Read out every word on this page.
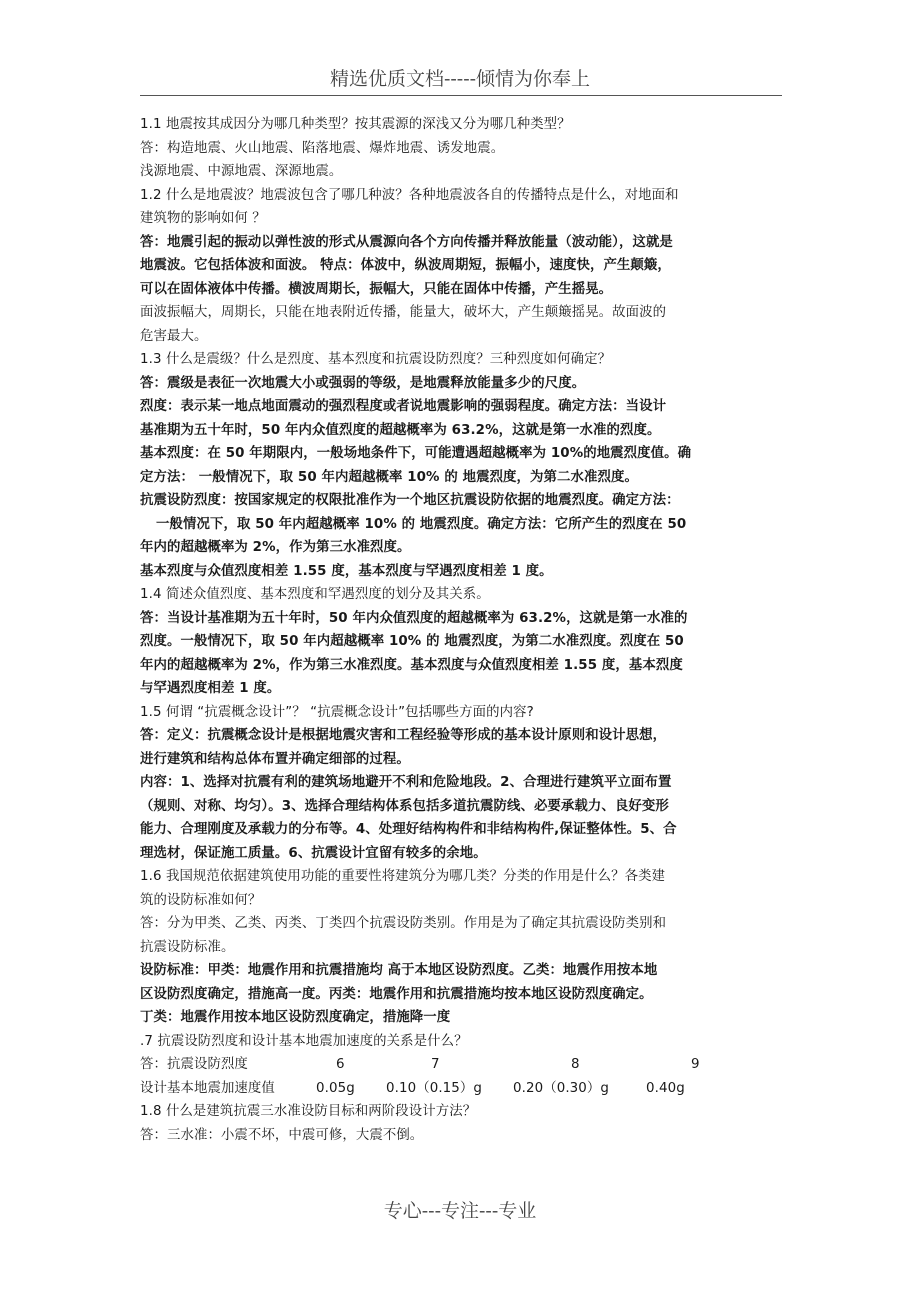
精选优质文档-----倾情为你奉上
1.1 地震按其成因分为哪几种类型？按其震源的深浅又分为哪几种类型？
答：构造地震、火山地震、陷落地震、爆炸地震、诱发地震。
浅源地震、中源地震、深源地震。
1.2 什么是地震波？地震波包含了哪几种波？各种地震波各自的传播特点是什么，对地面和
建筑物的影响如何 ？
答：地震引起的振动以弹性波的形式从震源向各个方向传播并释放能量（波动能），这就是
地震波。它包括体波和面波。 特点：体波中，纵波周期短，振幅小，速度快，产生颠簸，
可以在固体液体中传播。横波周期长，振幅大，只能在固体中传播，产生摇晃。
面波振幅大，周期长，只能在地表附近传播，能量大，破坏大，产生颠簸摇晃。故面波的
危害最大。
1.3 什么是震级？什么是烈度、基本烈度和抗震设防烈度？三种烈度如何确定？
答：震级是表征一次地震大小或强弱的等级，是地震释放能量多少的尺度。
烈度：表示某一地点地面震动的强烈程度或者说地震影响的强弱程度。确定方法：当设计
基准期为五十年时，50 年内众值烈度的超越概率为 63.2%，这就是第一水准的烈度。
基本烈度：在 50 年期限内，一般场地条件下，可能遭遇超越概率为 10%的地震烈度值。确
定方法： 一般情况下，取 50 年内超越概率 10% 的 地震烈度，为第二水准烈度。
抗震设防烈度：按国家规定的权限批准作为一个地区抗震设防依据的地震烈度。确定方法：
一般情况下，取 50 年内超越概率 10% 的 地震烈度。确定方法：它所产生的烈度在 50
年内的超越概率为 2%，作为第三水准烈度。
基本烈度与众值烈度相差 1.55 度，基本烈度与罕遇烈度相差 1 度。
1.4 简述众值烈度、基本烈度和罕遇烈度的划分及其关系。
答：当设计基准期为五十年时，50 年内众值烈度的超越概率为 63.2%，这就是第一水准的
烈度。一般情况下，取 50 年内超越概率 10% 的 地震烈度，为第二水准烈度。烈度在 50
年内的超越概率为 2%，作为第三水准烈度。基本烈度与众值烈度相差 1.55 度，基本烈度
与罕遇烈度相差 1 度。
1.5 何谓 “抗震概念设计”？ “抗震概念设计”包括哪些方面的内容?
答：定义：抗震概念设计是根据地震灾害和工程经验等形成的基本设计原则和设计思想，
进行建筑和结构总体布置并确定细部的过程。
内容：1、选择对抗震有利的建筑场地避开不利和危险地段。2、合理进行建筑平立面布置
（规则、对称、均匀）。3、选择合理结构体系包括多道抗震防线、必要承载力、良好变形
能力、合理刚度及承载力的分布等。4、处理好结构构件和非结构构件,保证整体性。5、合
理选材，保证施工质量。6、抗震设计宜留有较多的余地。
1.6 我国规范依据建筑使用功能的重要性将建筑分为哪几类？分类的作用是什么？各类建
筑的设防标准如何？
答：分为甲类、乙类、丙类、丁类四个抗震设防类别。作用是为了确定其抗震设防类别和
抗震设防标准。
设防标准：甲类：地震作用和抗震措施均 高于本地区设防烈度。乙类：地震作用按本地
区设防烈度确定，措施高一度。丙类：地震作用和抗震措施均按本地区设防烈度确定。
丁类：地震作用按本地区设防烈度确定，措施降一度
.7 抗震设防烈度和设计基本地震加速度的关系是什么？
答：抗震设防烈度	6	7	8	9
设计基本地震加速度值	0.05g	0.10（0.15）g	0.20（0.30）g	0.40g
1.8 什么是建筑抗震三水准设防目标和两阶段设计方法？
答：三水准：小震不坏，中震可修，大震不倒。
专心---专注---专业
